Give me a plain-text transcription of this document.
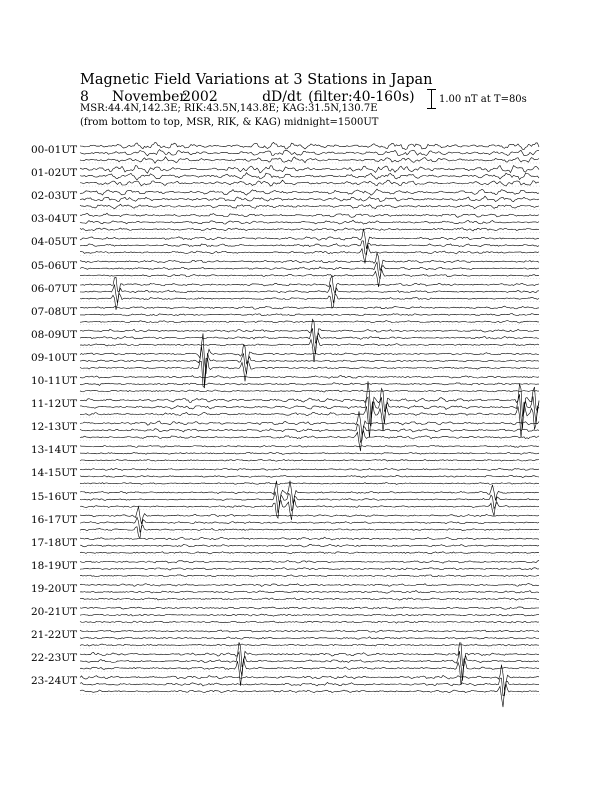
Magnetic Field Variations at 3 Stations in Japan
8 November2002	dD/dt (filter:40-160s)
MSR:44.4N,142.3E; RIK:43.5N,143.8E; KAG:31.5N,130.7E
(from bottom to top, MSR, RIK, & KAG) midnight=1500UT
1.00 nT at T=80s
00-01UT
01-02UT
02-03UT
03-04UT
04-05UT
05-06UT
06-07UT
07-08UT
08-09UT
09-10UT
10-11UT
11-12UT
12-13UT
13-14UT
14-15UT
15-16UT
16-17UT
17-18UT
18-19UT
19-20UT
20-21UT
21-22UT
22-23UT
23-24UT
